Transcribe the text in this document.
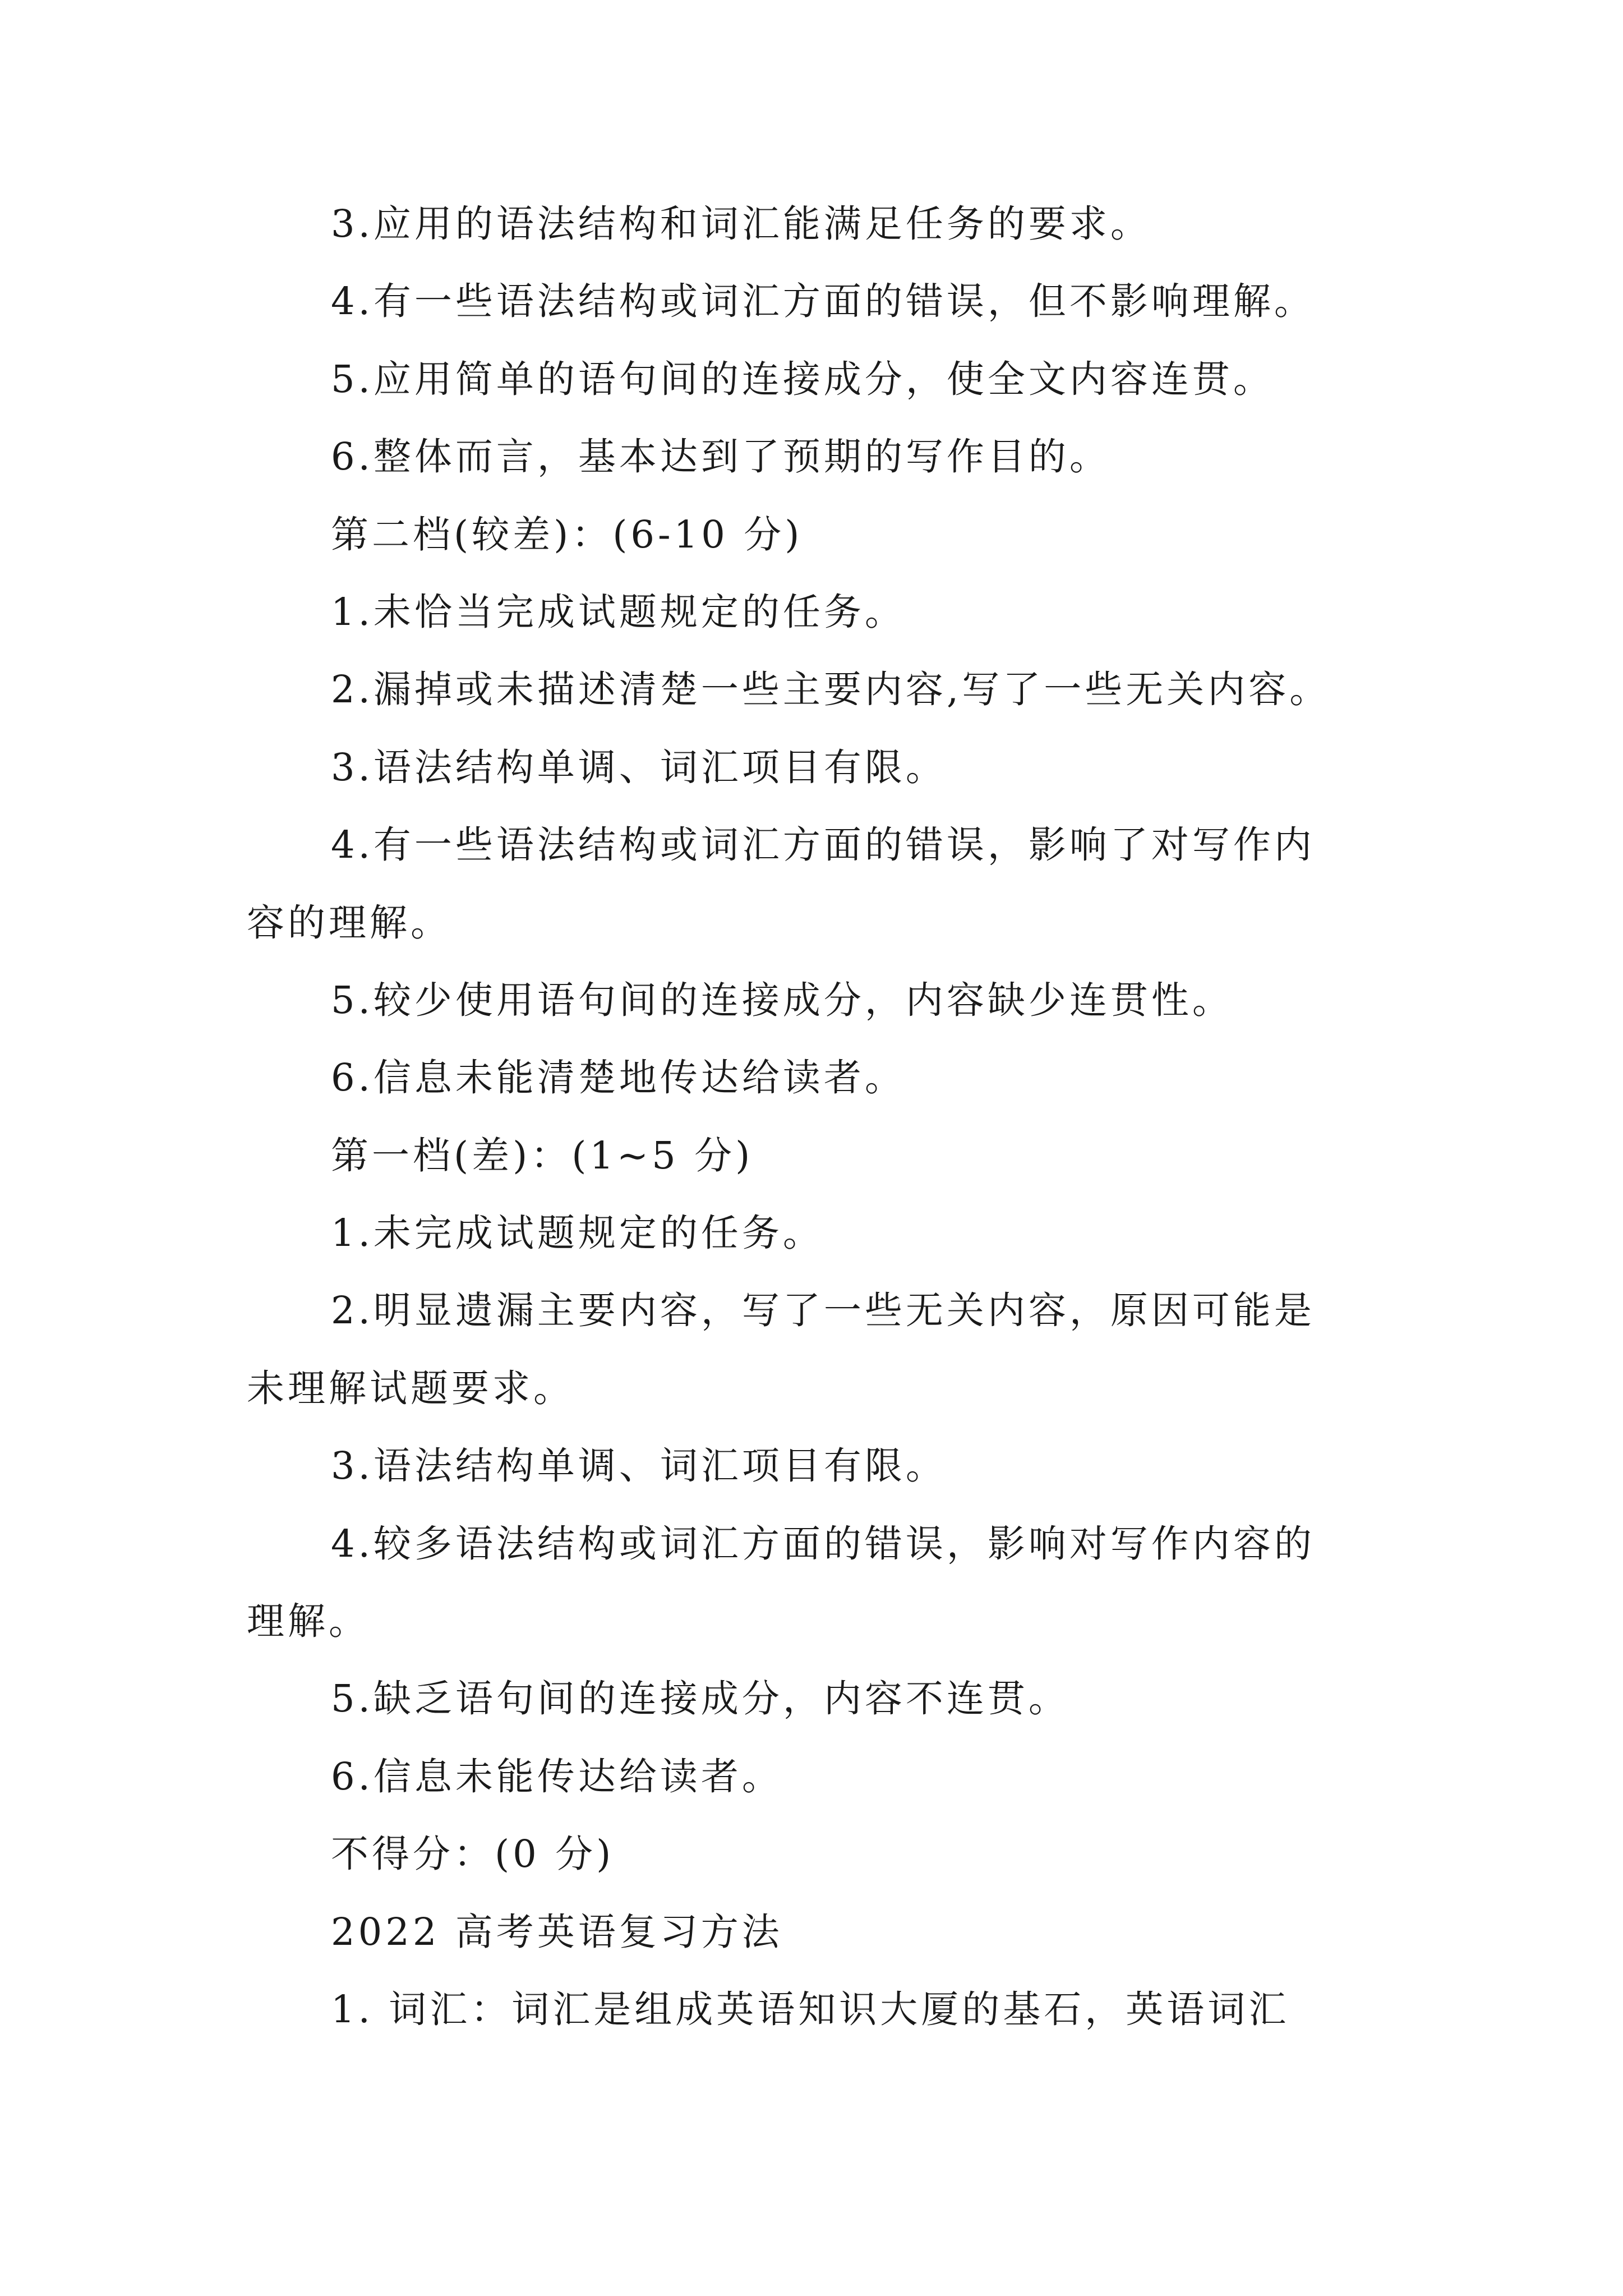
3.应用的语法结构和词汇能满足任务的要求。
4.有一些语法结构或词汇方面的错误，但不影响理解。
5.应用简单的语句间的连接成分，使全文内容连贯。
6.整体而言，基本达到了预期的写作目的。
第二档(较差)：(6-10 分)
1.未恰当完成试题规定的任务。
2.漏掉或未描述清楚一些主要内容,写了一些无关内容。
3.语法结构单调、词汇项目有限。
4.有一些语法结构或词汇方面的错误，影响了对写作内
容的理解。
5.较少使用语句间的连接成分，内容缺少连贯性。
6.信息未能清楚地传达给读者。
第一档(差)：(1~5 分)
1.未完成试题规定的任务。
2.明显遗漏主要内容，写了一些无关内容，原因可能是
未理解试题要求。
3.语法结构单调、词汇项目有限。
4.较多语法结构或词汇方面的错误，影响对写作内容的
理解。
5.缺乏语句间的连接成分，内容不连贯。
6.信息未能传达给读者。
不得分：(0 分)
2022 高考英语复习方法
1. 词汇：词汇是组成英语知识大厦的基石，英语词汇
